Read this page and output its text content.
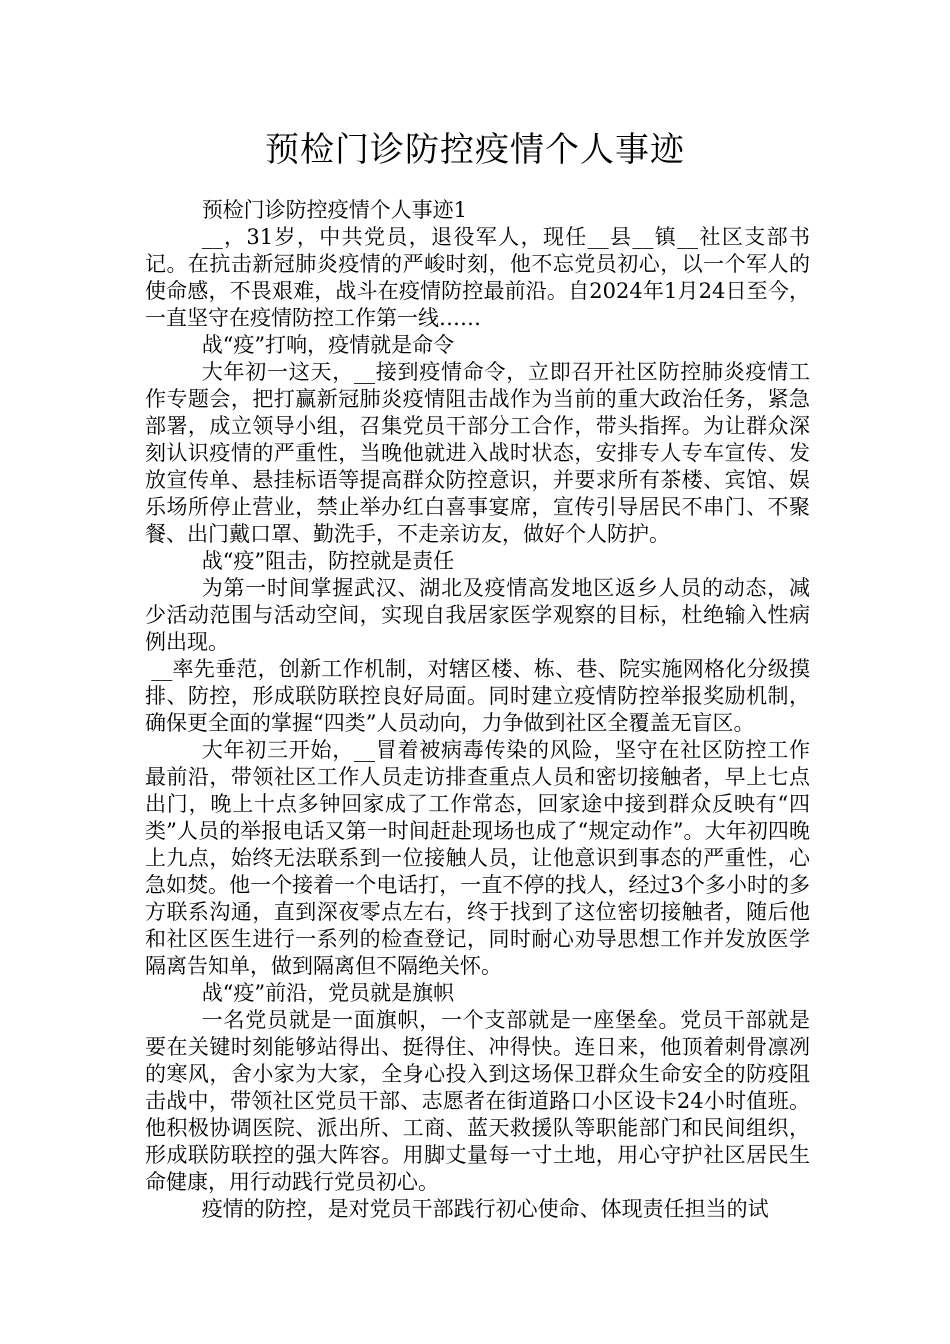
预检门诊防控疫情个人事迹

预检门诊防控疫情个人事迹1

__，31岁，中共党员，退役军人，现任__县__镇__社区支部书记。在抗击新冠肺炎疫情的严峻时刻，他不忘党员初心，以一个军人的使命感，不畏艰难，战斗在疫情防控最前沿。自2024年1月24日至今，一直坚守在疫情防控工作第一线……

战“疫”打响，疫情就是命令

大年初一这天，__接到疫情命令，立即召开社区防控肺炎疫情工作专题会，把打赢新冠肺炎疫情阻击战作为当前的重大政治任务，紧急部署，成立领导小组，召集党员干部分工合作，带头指挥。为让群众深刻认识疫情的严重性，当晚他就进入战时状态，安排专人专车宣传、发放宣传单、悬挂标语等提高群众防控意识，并要求所有茶楼、宾馆、娱乐场所停止营业，禁止举办红白喜事宴席，宣传引导居民不串门、不聚餐、出门戴口罩、勤洗手，不走亲访友，做好个人防护。

战“疫”阻击，防控就是责任

为第一时间掌握武汉、湖北及疫情高发地区返乡人员的动态，减少活动范围与活动空间，实现自我居家医学观察的目标，杜绝输入性病例出现。

__率先垂范，创新工作机制，对辖区楼、栋、巷、院实施网格化分级摸排、防控，形成联防联控良好局面。同时建立疫情防控举报奖励机制，确保更全面的掌握“四类”人员动向，力争做到社区全覆盖无盲区。

大年初三开始，__冒着被病毒传染的风险，坚守在社区防控工作最前沿，带领社区工作人员走访排查重点人员和密切接触者，早上七点出门，晚上十点多钟回家成了工作常态，回家途中接到群众反映有“四类”人员的举报电话又第一时间赶赴现场也成了“规定动作”。大年初四晚上九点，始终无法联系到一位接触人员，让他意识到事态的严重性，心急如焚。他一个接着一个电话打，一直不停的找人，经过3个多小时的多方联系沟通，直到深夜零点左右，终于找到了这位密切接触者，随后他和社区医生进行一系列的检查登记，同时耐心劝导思想工作并发放医学隔离告知单，做到隔离但不隔绝关怀。

战“疫”前沿，党员就是旗帜

一名党员就是一面旗帜，一个支部就是一座堡垒。党员干部就是要在关键时刻能够站得出、挺得住、冲得快。连日来，他顶着刺骨凛冽的寒风，舍小家为大家，全身心投入到这场保卫群众生命安全的防疫阻击战中，带领社区党员干部、志愿者在街道路口小区设卡24小时值班。他积极协调医院、派出所、工商、蓝天救援队等职能部门和民间组织，形成联防联控的强大阵容。用脚丈量每一寸土地，用心守护社区居民生命健康，用行动践行党员初心。

疫情的防控，是对党员干部践行初心使命、体现责任担当的试
